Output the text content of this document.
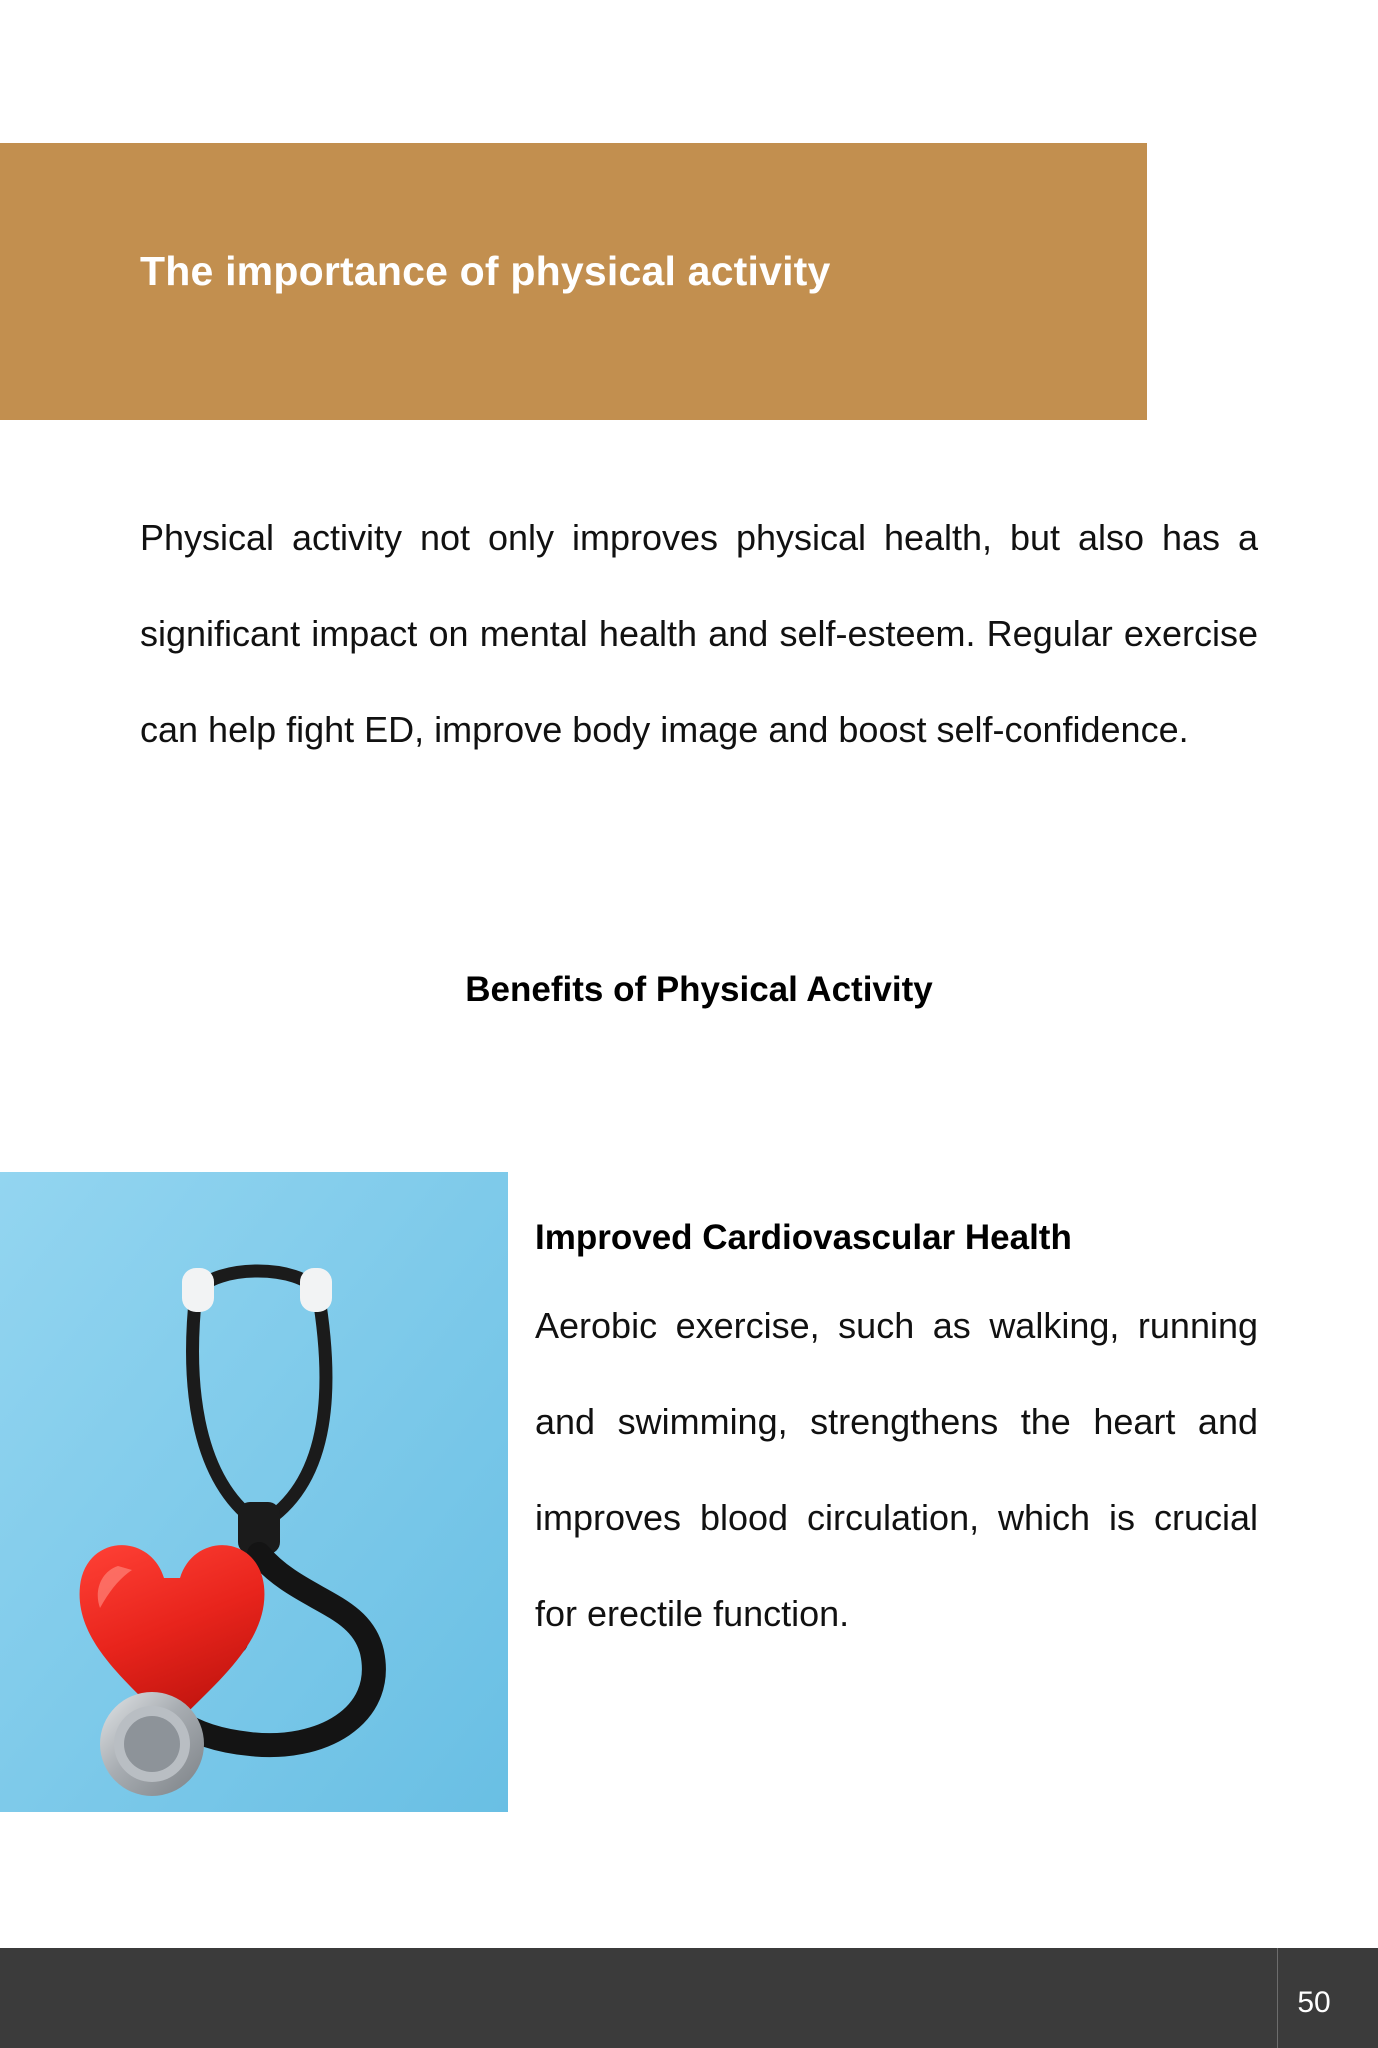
The importance of physical activity
Physical activity not only improves physical health, but also has a significant impact on mental health and self-esteem. Regular exercise can help fight ED, improve body image and boost self-confidence.
Benefits of Physical Activity

Improved Cardiovascular Health

Aerobic exercise, such as walking, running and swimming, strengthens the heart and improves blood circulation, which is crucial for erectile function.

50
